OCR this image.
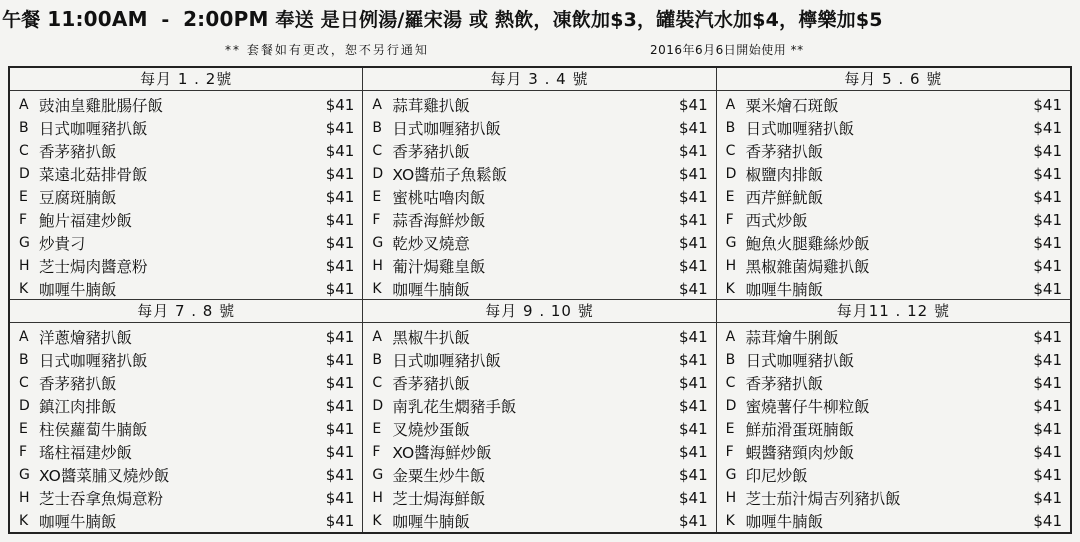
午餐 11:00AM - 2:00PM 奉送 是日例湯/羅宋湯 或 熱飲，凍飲加$3，罐裝汽水加$4，檸樂加$5
** 套餐如有更改，恕不另行通知	2016年6月6日開始使用 **
每月 1 . 2號
A 豉油皇雞肶腸仔飯	$41
B 日式咖喱豬扒飯	$41
C 香茅豬扒飯	$41
D 菜遠北菇排骨飯	$41
E 豆腐斑腩飯	$41
F 鮑片福建炒飯	$41
G 炒貴刁	$41
H 芝士焗肉醬意粉	$41
K 咖喱牛腩飯	$41
每月 3 . 4 號
A 蒜茸雞扒飯	$41
B 日式咖喱豬扒飯	$41
C 香茅豬扒飯	$41
D XO醬茄子魚鬆飯	$41
E 蜜桃咕嚕肉飯	$41
F 蒜香海鮮炒飯	$41
G 乾炒叉燒意	$41
H 葡汁焗雞皇飯	$41
K 咖喱牛腩飯	$41
每月 5 . 6 號
A 粟米燴石斑飯	$41
B 日式咖喱豬扒飯	$41
C 香茅豬扒飯	$41
D 椒鹽肉排飯	$41
E 西芹鮮魷飯	$41
F 西式炒飯	$41
G 鮑魚火腿雞絲炒飯	$41
H 黑椒雜菌焗雞扒飯	$41
K 咖喱牛腩飯	$41
每月 7 . 8 號
A 洋蔥燴豬扒飯	$41
B 日式咖喱豬扒飯	$41
C 香茅豬扒飯	$41
D 鎮江肉排飯	$41
E 柱侯蘿蔔牛腩飯	$41
F 瑤柱福建炒飯	$41
G XO醬菜脯叉燒炒飯	$41
H 芝士吞拿魚焗意粉	$41
K 咖喱牛腩飯	$41
每月 9 . 10 號
A 黑椒牛扒飯	$41
B 日式咖喱豬扒飯	$41
C 香茅豬扒飯	$41
D 南乳花生燜豬手飯	$41
E 叉燒炒蛋飯	$41
F XO醬海鮮炒飯	$41
G 金粟生炒牛飯	$41
H 芝士焗海鮮飯	$41
K 咖喱牛腩飯	$41
每月11 . 12 號
A 蒜茸燴牛脷飯	$41
B 日式咖喱豬扒飯	$41
C 香茅豬扒飯	$41
D 蜜燒薯仔牛柳粒飯	$41
E 鮮茄滑蛋斑腩飯	$41
F 蝦醬豬頸肉炒飯	$41
G 印尼炒飯	$41
H 芝士茄汁焗吉列豬扒飯	$41
K 咖喱牛腩飯	$41
